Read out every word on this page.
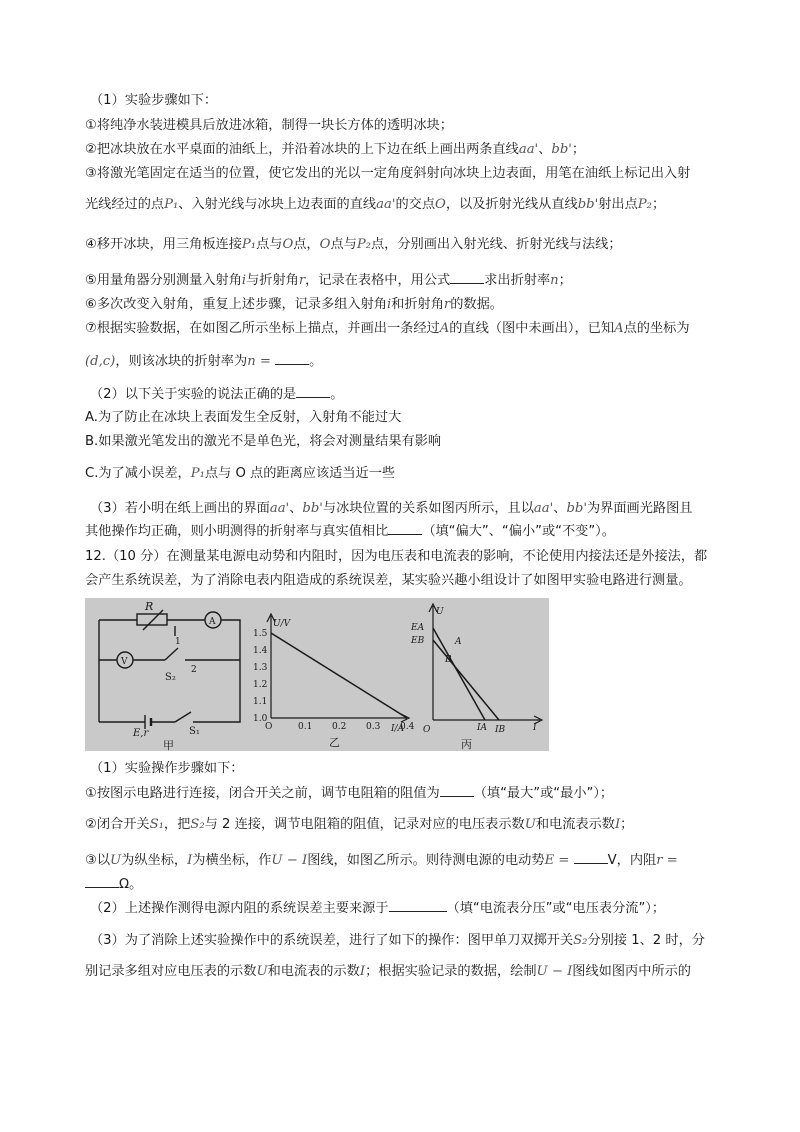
（1）实验步骤如下：
①将纯净水装进模具后放进冰箱，制得一块长方体的透明冰块；
②把冰块放在水平桌面的油纸上，并沿着冰块的上下边在纸上画出两条直线aa'、bb'；
③将激光笔固定在适当的位置，使它发出的光以一定角度斜射向冰块上边表面，用笔在油纸上标记出入射
光线经过的点P₁、入射光线与冰块上边表面的直线aa'的交点O，以及折射光线从直线bb'射出点P₂；
④移开冰块，用三角板连接P₁点与O点，O点与P₂点，分别画出入射光线、折射光线与法线；
⑤用量角器分别测量入射角i与折射角r，记录在表格中，用公式	求出折射率n；
⑥多次改变入射角，重复上述步骤，记录多组入射角i和折射角r的数据。
⑦根据实验数据，在如图乙所示坐标上描点，并画出一条经过A的直线（图中未画出），已知A点的坐标为
(d,c)，则该冰块的折射率为n =	。
（2）以下关于实验的说法正确的是	。
A.为了防止在冰块上表面发生全反射，入射角不能过大
B.如果激光笔发出的激光不是单色光，将会对测量结果有影响
C.为了减小误差，P₁点与 O 点的距离应该适当近一些
（3）若小明在纸上画出的界面aa'、bb'与冰块位置的关系如图丙所示，且以aa'、bb'为界面画光路图且
其他操作均正确，则小明测得的折射率与真实值相比	（填“偏大”、“偏小”或“不变”）。
12.（10 分）在测量某电源电动势和内阻时，因为电压表和电流表的影响，不论使用内接法还是外接法，都
会产生系统误差，为了消除电表内阻造成的系统误差，某实验兴趣小组设计了如图甲实验电路进行测量。
R
A
V
1
2
S₂
E,r	S₁
甲
1.5
1.4
1.3
1.2
1.1
1.0
0.1 0.2 0.3 0.4
U/V
I/A
O
乙
U
EA
EB	A
B
O	IA IB	I
丙
（1）实验操作步骤如下：
①按图示电路进行连接，闭合开关之前，调节电阻箱的阻值为	（填“最大”或“最小”）；
②闭合开关S₁，把S₂与 2 连接，调节电阻箱的阻值，记录对应的电压表示数U和电流表示数I；
③以U为纵坐标，I为横坐标，作U − I图线，如图乙所示。则待测电源的电动势E =	V，内阻r =
Ω。
（2）上述操作测得电源内阻的系统误差主要来源于	（填“电流表分压”或“电压表分流”）；
（3）为了消除上述实验操作中的系统误差，进行了如下的操作：图甲单刀双掷开关S₂分别接 1、2 时，分
别记录多组对应电压表的示数U和电流表的示数I；根据实验记录的数据，绘制U − I图线如图丙中所示的
